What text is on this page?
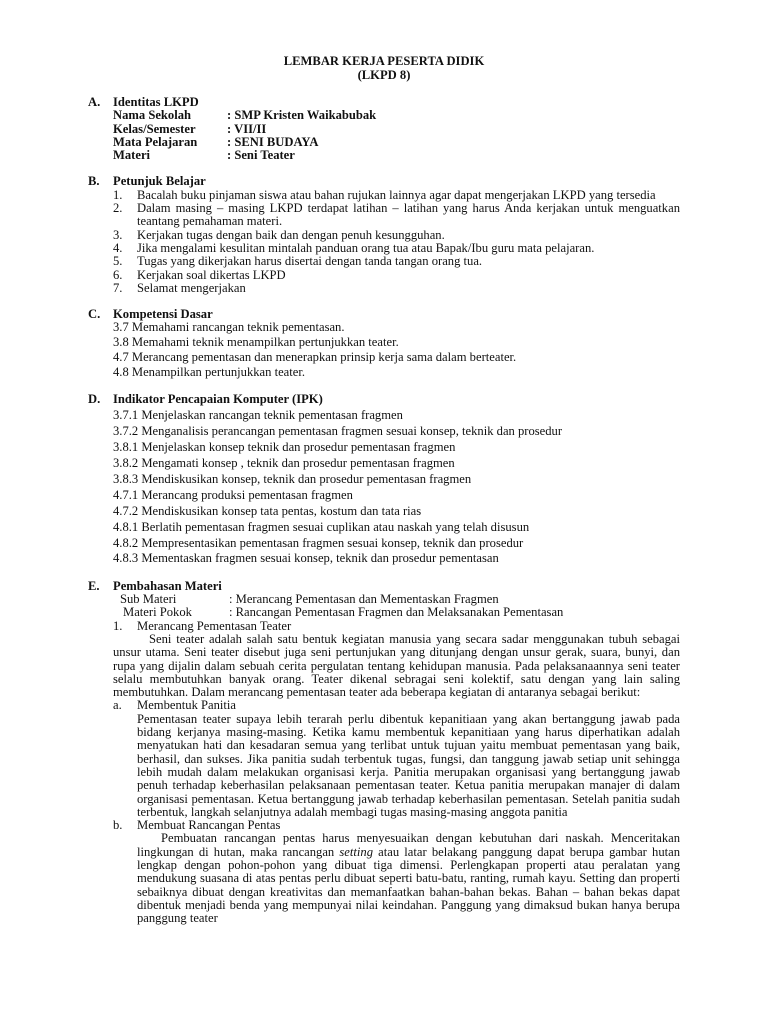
LEMBAR KERJA PESERTA DIDIK
(LKPD 8)
A. Identitas LKPD
Nama Sekolah	: SMP Kristen Waikabubak
Kelas/Semester	: VII/II
Mata Pelajaran	: SENI BUDAYA
Materi	: Seni Teater
B. Petunjuk Belajar
1. Bacalah buku pinjaman siswa atau bahan rujukan lainnya agar dapat mengerjakan LKPD yang tersedia
2. Dalam masing – masing LKPD terdapat latihan – latihan yang harus Anda kerjakan untuk menguatkan teantang pemahaman materi.
3. Kerjakan tugas dengan baik dan dengan penuh kesungguhan.
4. Jika mengalami kesulitan mintalah panduan orang tua atau Bapak/Ibu guru mata pelajaran.
5. Tugas yang dikerjakan harus disertai dengan tanda tangan orang tua.
6. Kerjakan soal dikertas LKPD
7. Selamat mengerjakan
C. Kompetensi Dasar
3.7 Memahami rancangan teknik pementasan.
3.8 Memahami teknik menampilkan pertunjukkan teater.
4.7 Merancang pementasan dan menerapkan prinsip kerja sama dalam berteater.
4.8 Menampilkan pertunjukkan teater.
D. Indikator Pencapaian Komputer (IPK)
3.7.1 Menjelaskan rancangan teknik pementasan fragmen
3.7.2 Menganalisis perancangan pementasan fragmen sesuai konsep, teknik dan prosedur
3.8.1 Menjelaskan konsep teknik dan prosedur pementasan fragmen
3.8.2 Mengamati konsep , teknik dan prosedur pementasan fragmen
3.8.3 Mendiskusikan konsep, teknik dan prosedur pementasan fragmen
4.7.1 Merancang produksi pementasan fragmen
4.7.2 Mendiskusikan konsep tata pentas, kostum dan tata rias
4.8.1 Berlatih pementasan fragmen sesuai cuplikan atau naskah yang telah disusun
4.8.2 Mempresentasikan pementasan fragmen sesuai konsep, teknik dan prosedur
4.8.3 Mementaskan fragmen sesuai konsep, teknik dan prosedur pementasan
E. Pembahasan Materi
Sub Materi	: Merancang Pementasan dan Mementaskan Fragmen
Materi Pokok	: Rancangan Pementasan Fragmen dan Melaksanakan Pementasan
1. Merancang Pementasan Teater
Seni teater adalah salah satu bentuk kegiatan manusia yang secara sadar menggunakan tubuh sebagai unsur utama. Seni teater disebut juga seni pertunjukan yang ditunjang dengan unsur gerak, suara, bunyi, dan rupa yang dijalin dalam sebuah cerita pergulatan tentang kehidupan manusia. Pada pelaksanaannya seni teater selalu membutuhkan banyak orang. Teater dikenal sebragai seni kolektif, satu dengan yang lain saling membutuhkan. Dalam merancang pementasan teater ada beberapa kegiatan di antaranya sebagai berikut:
a. Membentuk Panitia
Pementasan teater supaya lebih terarah perlu dibentuk kepanitiaan yang akan bertanggung jawab pada bidang kerjanya masing-masing. Ketika kamu membentuk kepanitiaan yang harus diperhatikan adalah menyatukan hati dan kesadaran semua yang terlibat untuk tujuan yaitu membuat pementasan yang baik, berhasil, dan sukses. Jika panitia sudah terbentuk tugas, fungsi, dan tanggung jawab setiap unit sehingga lebih mudah dalam melakukan organisasi kerja. Panitia merupakan organisasi yang bertanggung jawab penuh terhadap keberhasilan pelaksanaan pementasan teater. Ketua panitia merupakan manajer di dalam organisasi pementasan. Ketua bertanggung jawab terhadap keberhasilan pementasan. Setelah panitia sudah terbentuk, langkah selanjutnya adalah membagi tugas masing-masing anggota panitia
b. Membuat Rancangan Pentas
Pembuatan rancangan pentas harus menyesuaikan dengan kebutuhan dari naskah. Menceritakan lingkungan di hutan, maka rancangan setting atau latar belakang panggung dapat berupa gambar hutan lengkap dengan pohon-pohon yang dibuat tiga dimensi. Perlengkapan properti atau peralatan yang mendukung suasana di atas pentas perlu dibuat seperti batu-batu, ranting, rumah kayu. Setting dan properti sebaiknya dibuat dengan kreativitas dan memanfaatkan bahan-bahan bekas. Bahan – bahan bekas dapat dibentuk menjadi benda yang mempunyai nilai keindahan. Panggung yang dimaksud bukan hanya berupa panggung teater
